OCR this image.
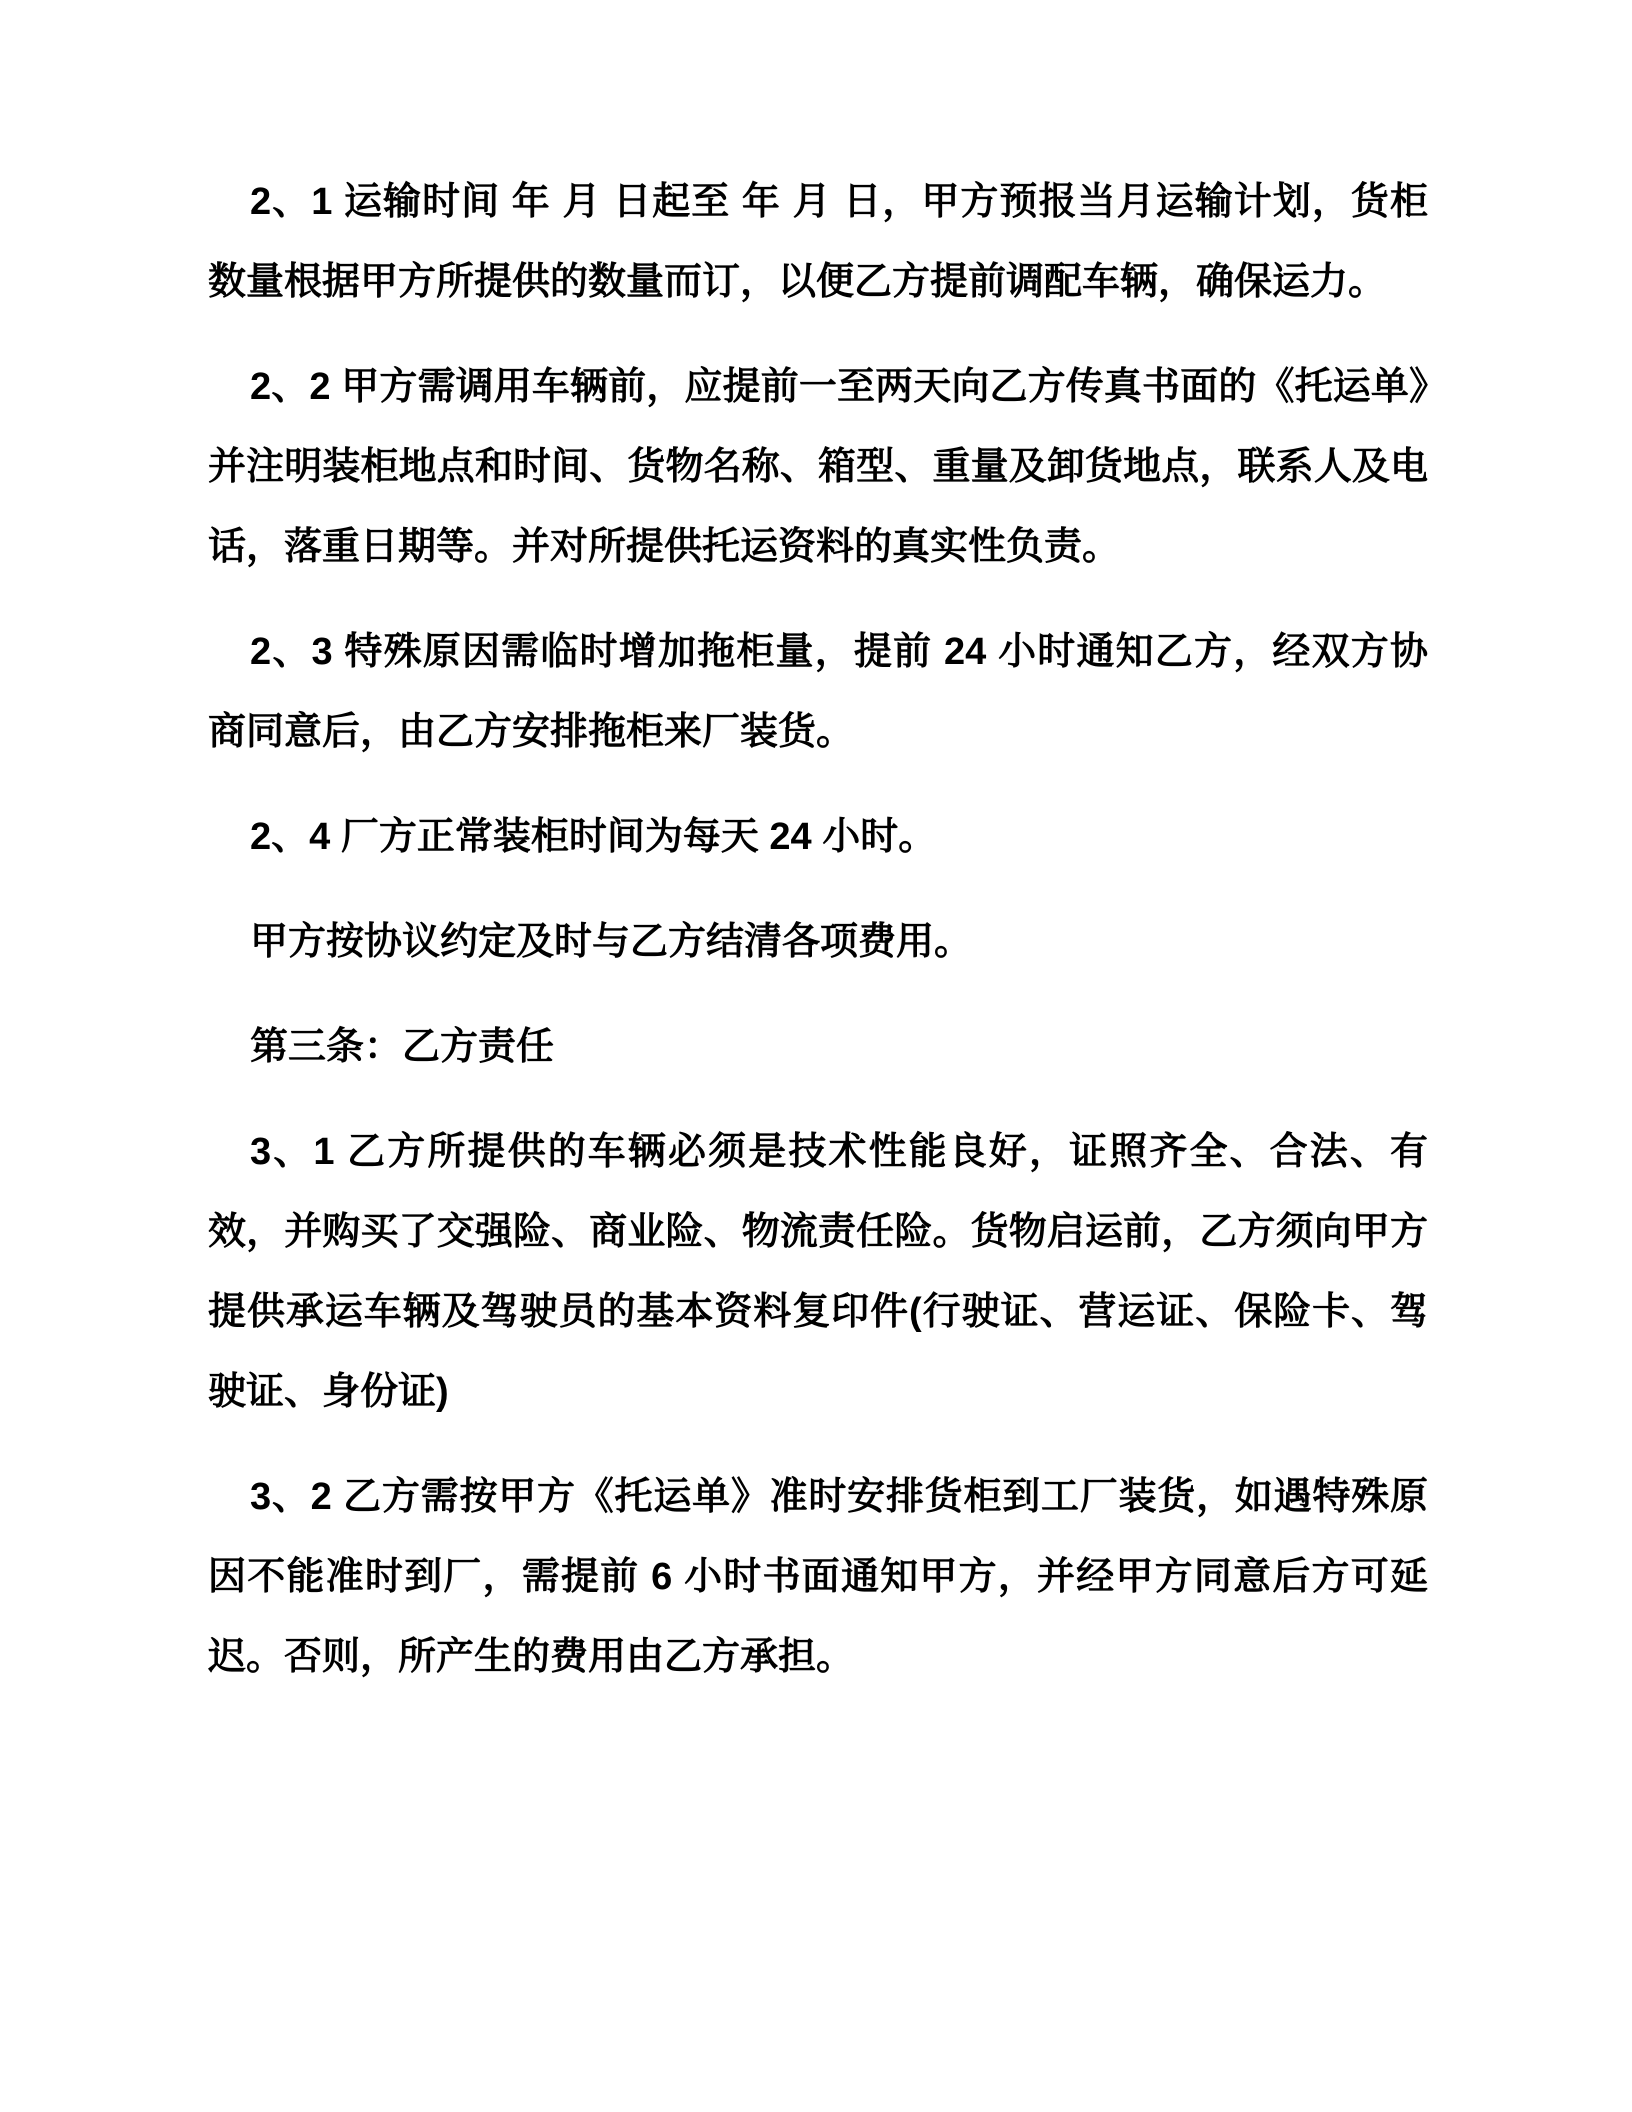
2、1 运输时间 年 月 日起至 年 月 日，甲方预报当月运输计划，货柜数量根据甲方所提供的数量而订，以便乙方提前调配车辆，确保运力。

2、2 甲方需调用车辆前，应提前一至两天向乙方传真书面的《托运单》并注明装柜地点和时间、货物名称、箱型、重量及卸货地点，联系人及电话，落重日期等。并对所提供托运资料的真实性负责。

2、3 特殊原因需临时增加拖柜量，提前 24 小时通知乙方，经双方协商同意后，由乙方安排拖柜来厂装货。

2、4 厂方正常装柜时间为每天 24 小时。

甲方按协议约定及时与乙方结清各项费用。

第三条：乙方责任

3、1 乙方所提供的车辆必须是技术性能良好，证照齐全、合法、有效，并购买了交强险、商业险、物流责任险。货物启运前，乙方须向甲方提供承运车辆及驾驶员的基本资料复印件(行驶证、营运证、保险卡、驾驶证、身份证)

3、2 乙方需按甲方《托运单》准时安排货柜到工厂装货，如遇特殊原因不能准时到厂，需提前 6 小时书面通知甲方，并经甲方同意后方可延迟。否则，所产生的费用由乙方承担。
